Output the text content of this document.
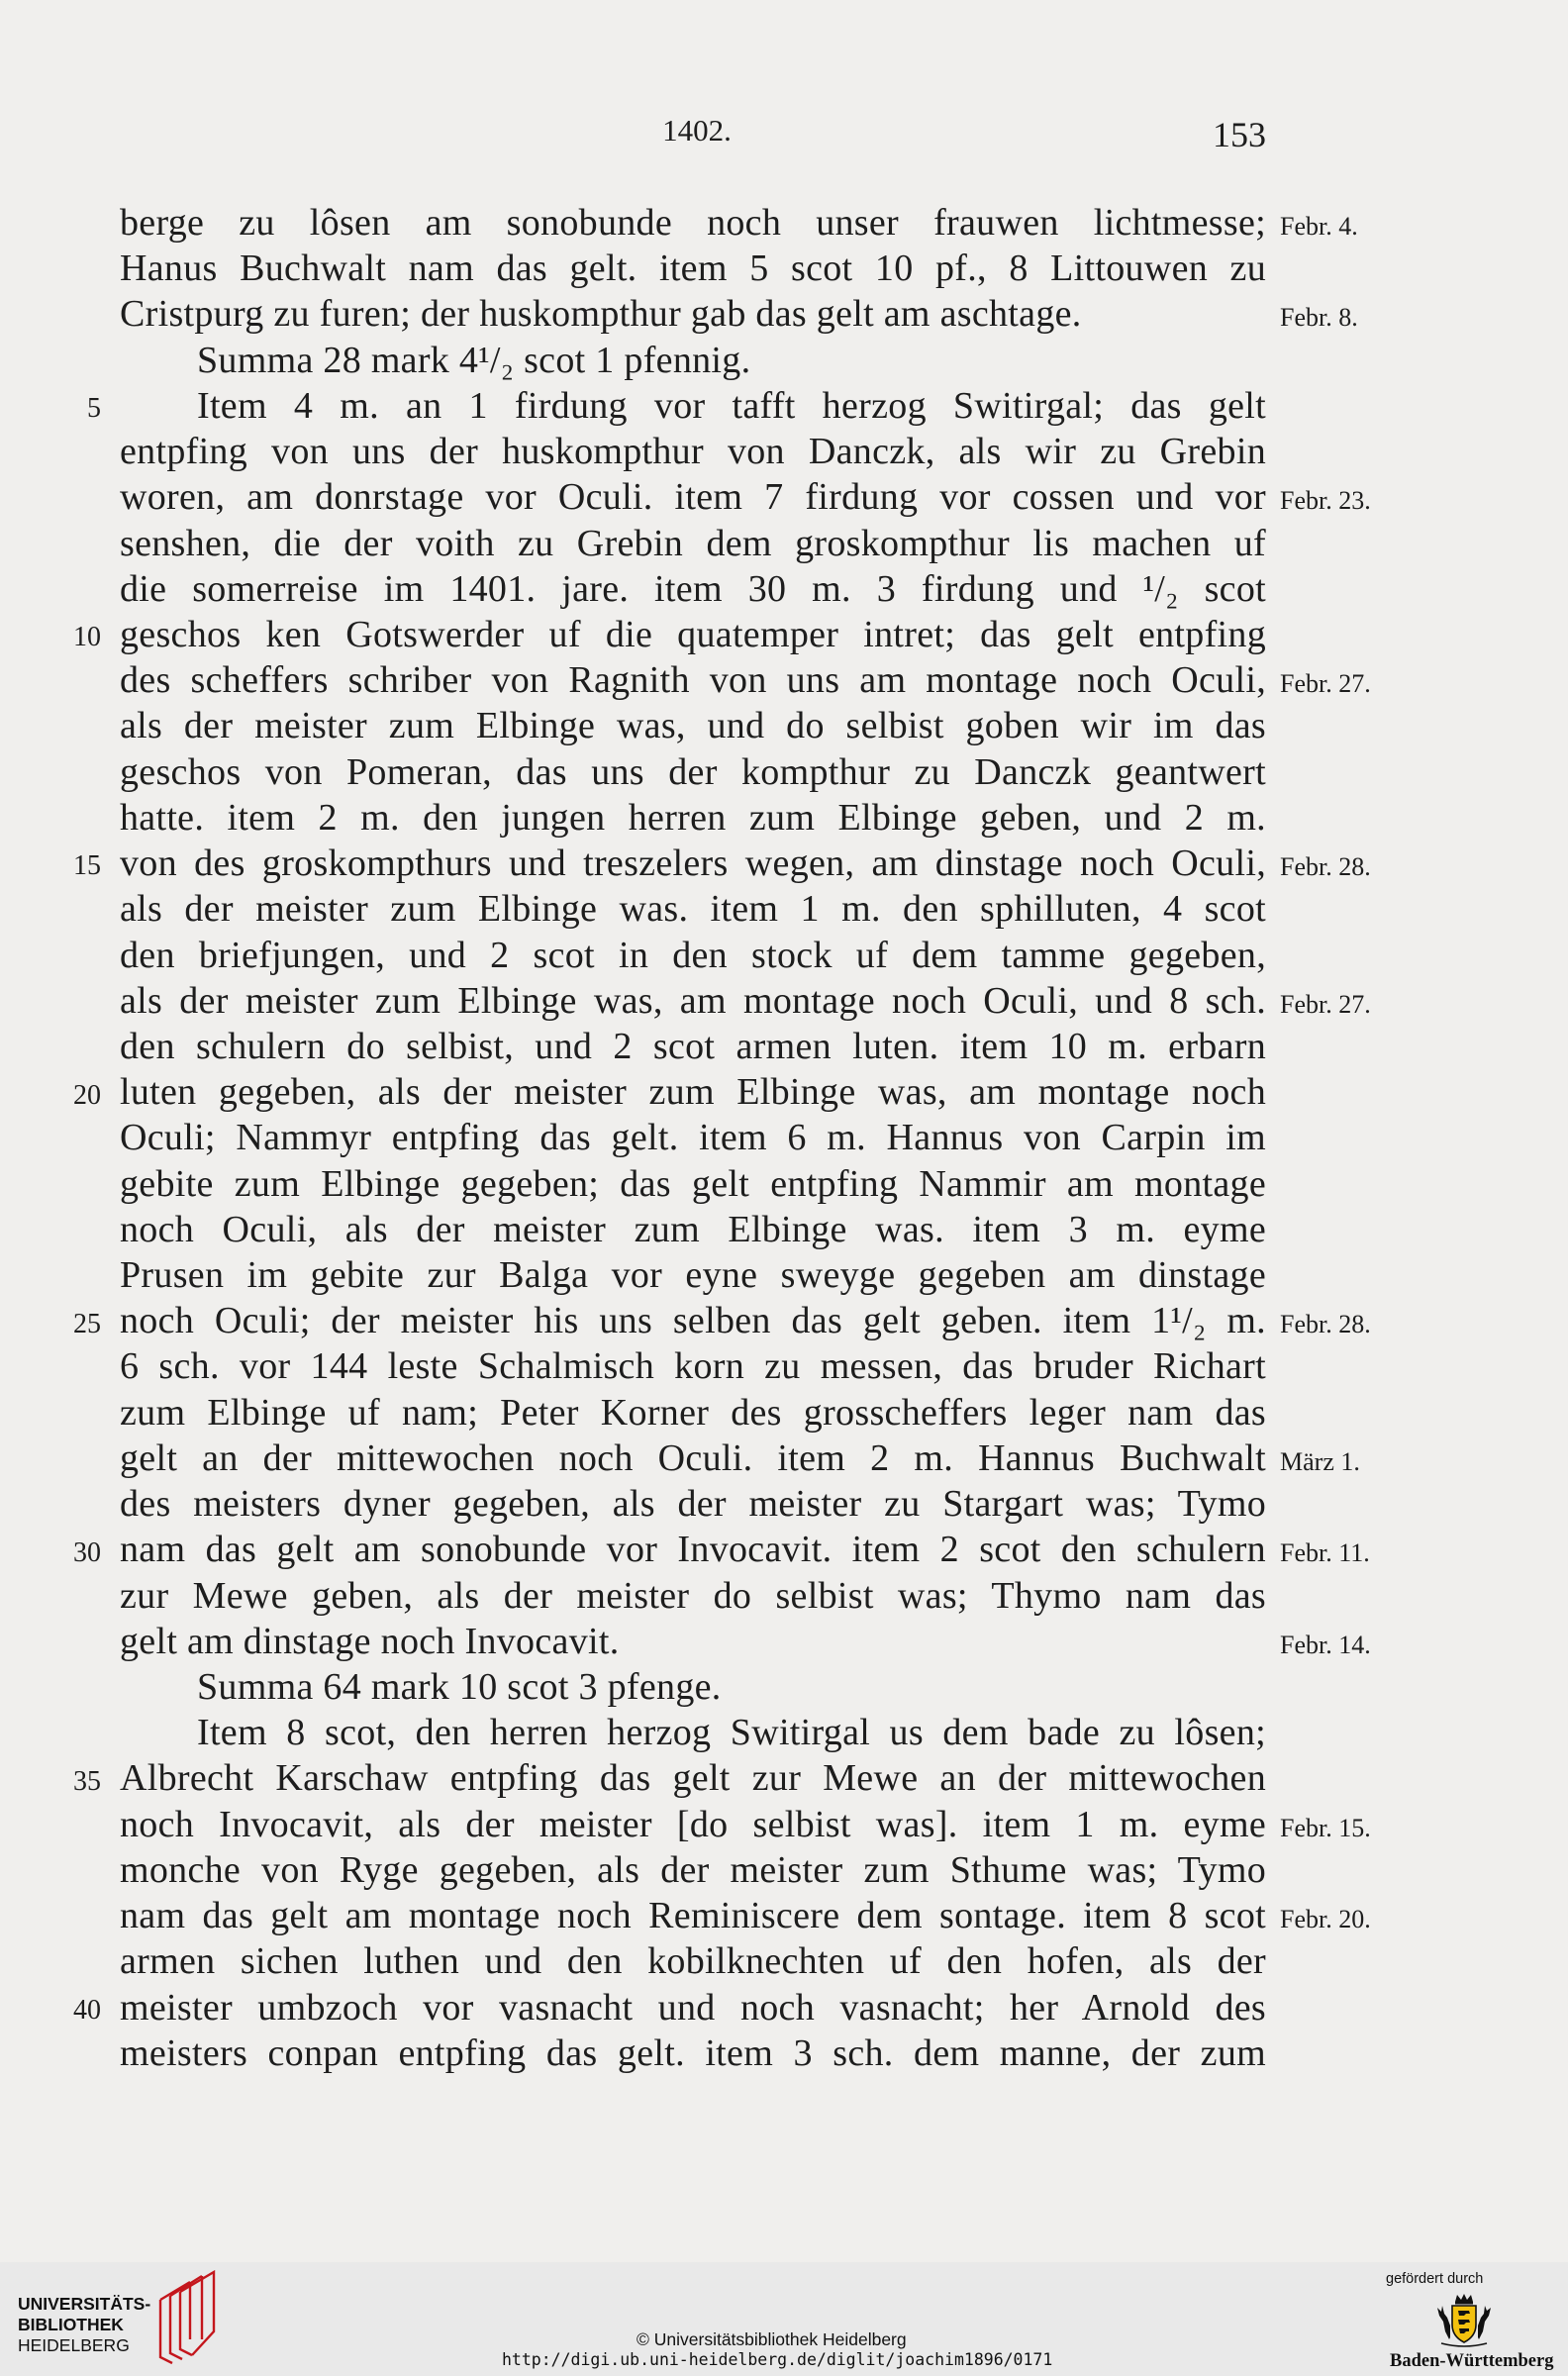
1402.	153
berge zu lôsen am sonobunde noch unser frauwen lichtmesse; Febr. 4.
Hanus Buchwalt nam das gelt. item 5 scot 10 pf., 8 Littouwen zu
Cristpurg zu furen; der huskompthur gab das gelt am aschtage.	Febr. 8.
Summa 28 mark 4¹/₂ scot 1 pfennig.
5	Item 4 m. an 1 firdung vor tafft herzog Switirgal; das gelt
entpfing von uns der huskompthur von Danczk, als wir zu Grebin
woren, am donrstage vor Oculi. item 7 firdung vor cossen und vor Febr. 23.
senshen, die der voith zu Grebin dem groskompthur lis machen uf
die somerreise im 1401. jare. item 30 m. 3 firdung und ¹/₂ scot
10 geschos ken Gotswerder uf die quatemper intret; das gelt entpfing
des scheffers schriber von Ragnith von uns am montage noch Oculi, Febr. 27.
als der meister zum Elbinge was, und do selbist goben wir im das
geschos von Pomeran, das uns der kompthur zu Danczk geantwert
hatte. item 2 m. den jungen herren zum Elbinge geben, und 2 m.
15 von des groskompthurs und treszelers wegen, am dinstage noch Oculi, Febr. 28.
als der meister zum Elbinge was. item 1 m. den sphilluten, 4 scot
den briefjungen, und 2 scot in den stock uf dem tamme gegeben,
als der meister zum Elbinge was, am montage noch Oculi, und 8 sch. Febr. 27.
den schulern do selbist, und 2 scot armen luten. item 10 m. erbarn
20 luten gegeben, als der meister zum Elbinge was, am montage noch
Oculi; Nammyr entpfing das gelt. item 6 m. Hannus von Carpin im
gebite zum Elbinge gegeben; das gelt entpfing Nammir am montage
noch Oculi, als der meister zum Elbinge was. item 3 m. eyme
Prusen im gebite zur Balga vor eyne sweyge gegeben am dinstage
25 noch Oculi; der meister his uns selben das gelt geben. item 1¹/₂ m. Febr. 28.
6 sch. vor 144 leste Schalmisch korn zu messen, das bruder Richart
zum Elbinge uf nam; Peter Korner des grosscheffers leger nam das
gelt an der mittewochen noch Oculi. item 2 m. Hannus Buchwalt März 1.
des meisters dyner gegeben, als der meister zu Stargart was; Tymo
30 nam das gelt am sonobunde vor Invocavit. item 2 scot den schulern Febr. 11.
zur Mewe geben, als der meister do selbist was; Thymo nam das
gelt am dinstage noch Invocavit.	Febr. 14.
Summa 64 mark 10 scot 3 pfenge.
Item 8 scot, den herren herzog Switirgal us dem bade zu lôsen;
35 Albrecht Karschaw entpfing das gelt zur Mewe an der mittewochen
noch Invocavit, als der meister [do selbist was]. item 1 m. eyme Febr. 15.
monche von Ryge gegeben, als der meister zum Sthume was; Tymo
nam das gelt am montage noch Reminiscere dem sontage. item 8 scot Febr. 20.
armen sichen luthen und den kobilknechten uf den hofen, als der
40 meister umbzoch vor vasnacht und noch vasnacht; her Arnold des
meisters conpan entpfing das gelt. item 3 sch. dem manne, der zum
UNIVERSITÄTS-
BIBLIOTHEK
HEIDELBERG	© Universitätsbibliothek Heidelberg
http://digi.ub.uni-heidelberg.de/diglit/joachim1896/0171
gefördert durch
Baden-Württemberg
